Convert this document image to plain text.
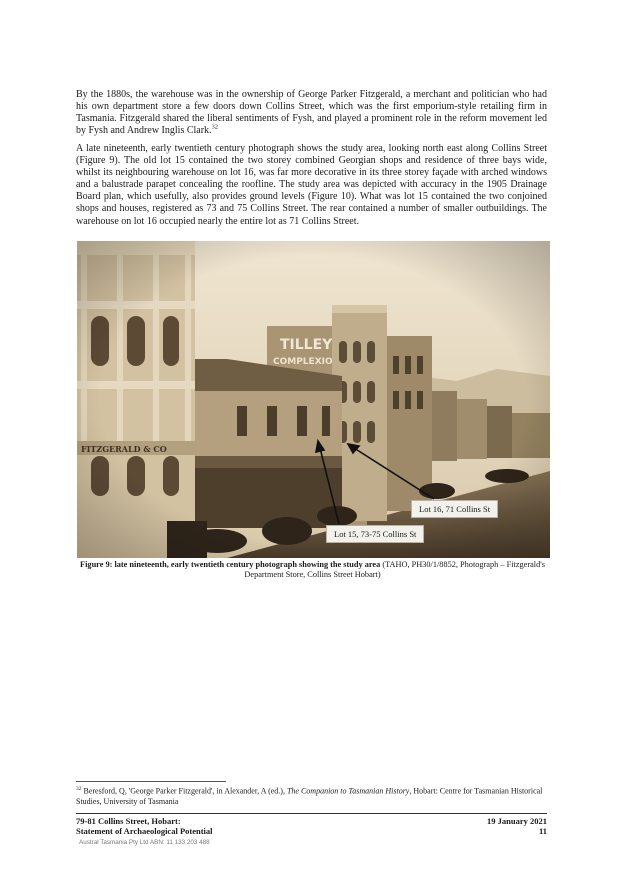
By the 1880s, the warehouse was in the ownership of George Parker Fitzgerald, a merchant and politician who had his own department store a few doors down Collins Street, which was the first emporium-style retailing firm in Tasmania. Fitzgerald shared the liberal sentiments of Fysh, and played a prominent role in the reform movement led by Fysh and Andrew Inglis Clark.$^{32}$

A late nineteenth, early twentieth century photograph shows the study area, looking north east along Collins Street (Figure 9). The old lot 15 contained the two storey combined Georgian shops and residence of three bays wide, whilst its neighbouring warehouse on lot 16, was far more decorative in its three storey façade with arched windows and a balustrade parapet concealing the roofline. The study area was depicted with accuracy in the 1905 Drainage Board plan, which usefully, also provides ground levels (Figure 10). What was lot 15 contained the two conjoined shops and houses, registered as 73 and 75 Collins Street. The rear contained a number of smaller outbuildings. The warehouse on lot 16 occupied nearly the entire lot as 71 Collins Street.

Lot 16, 71 Collins St
Lot 15, 73-75 Collins St
Figure 9: late nineteenth, early twentieth century photograph showing the study area (TAHO, PH30/1/8852, Photograph – Fitzgerald's Department Store, Collins Street Hobart)
$^{32}$ Beresford, Q, 'George Parker Fitzgerald', in Alexander, A (ed.), The Companion to Tasmanian History, Hobart: Centre for Tasmanian Historical Studies, University of Tasmania
79-81 Collins Street, Hobart:
Statement of Archaeological Potential
19 January 2021
11
Austral Tasmania Pty Ltd ABN: 11 133 203 488
